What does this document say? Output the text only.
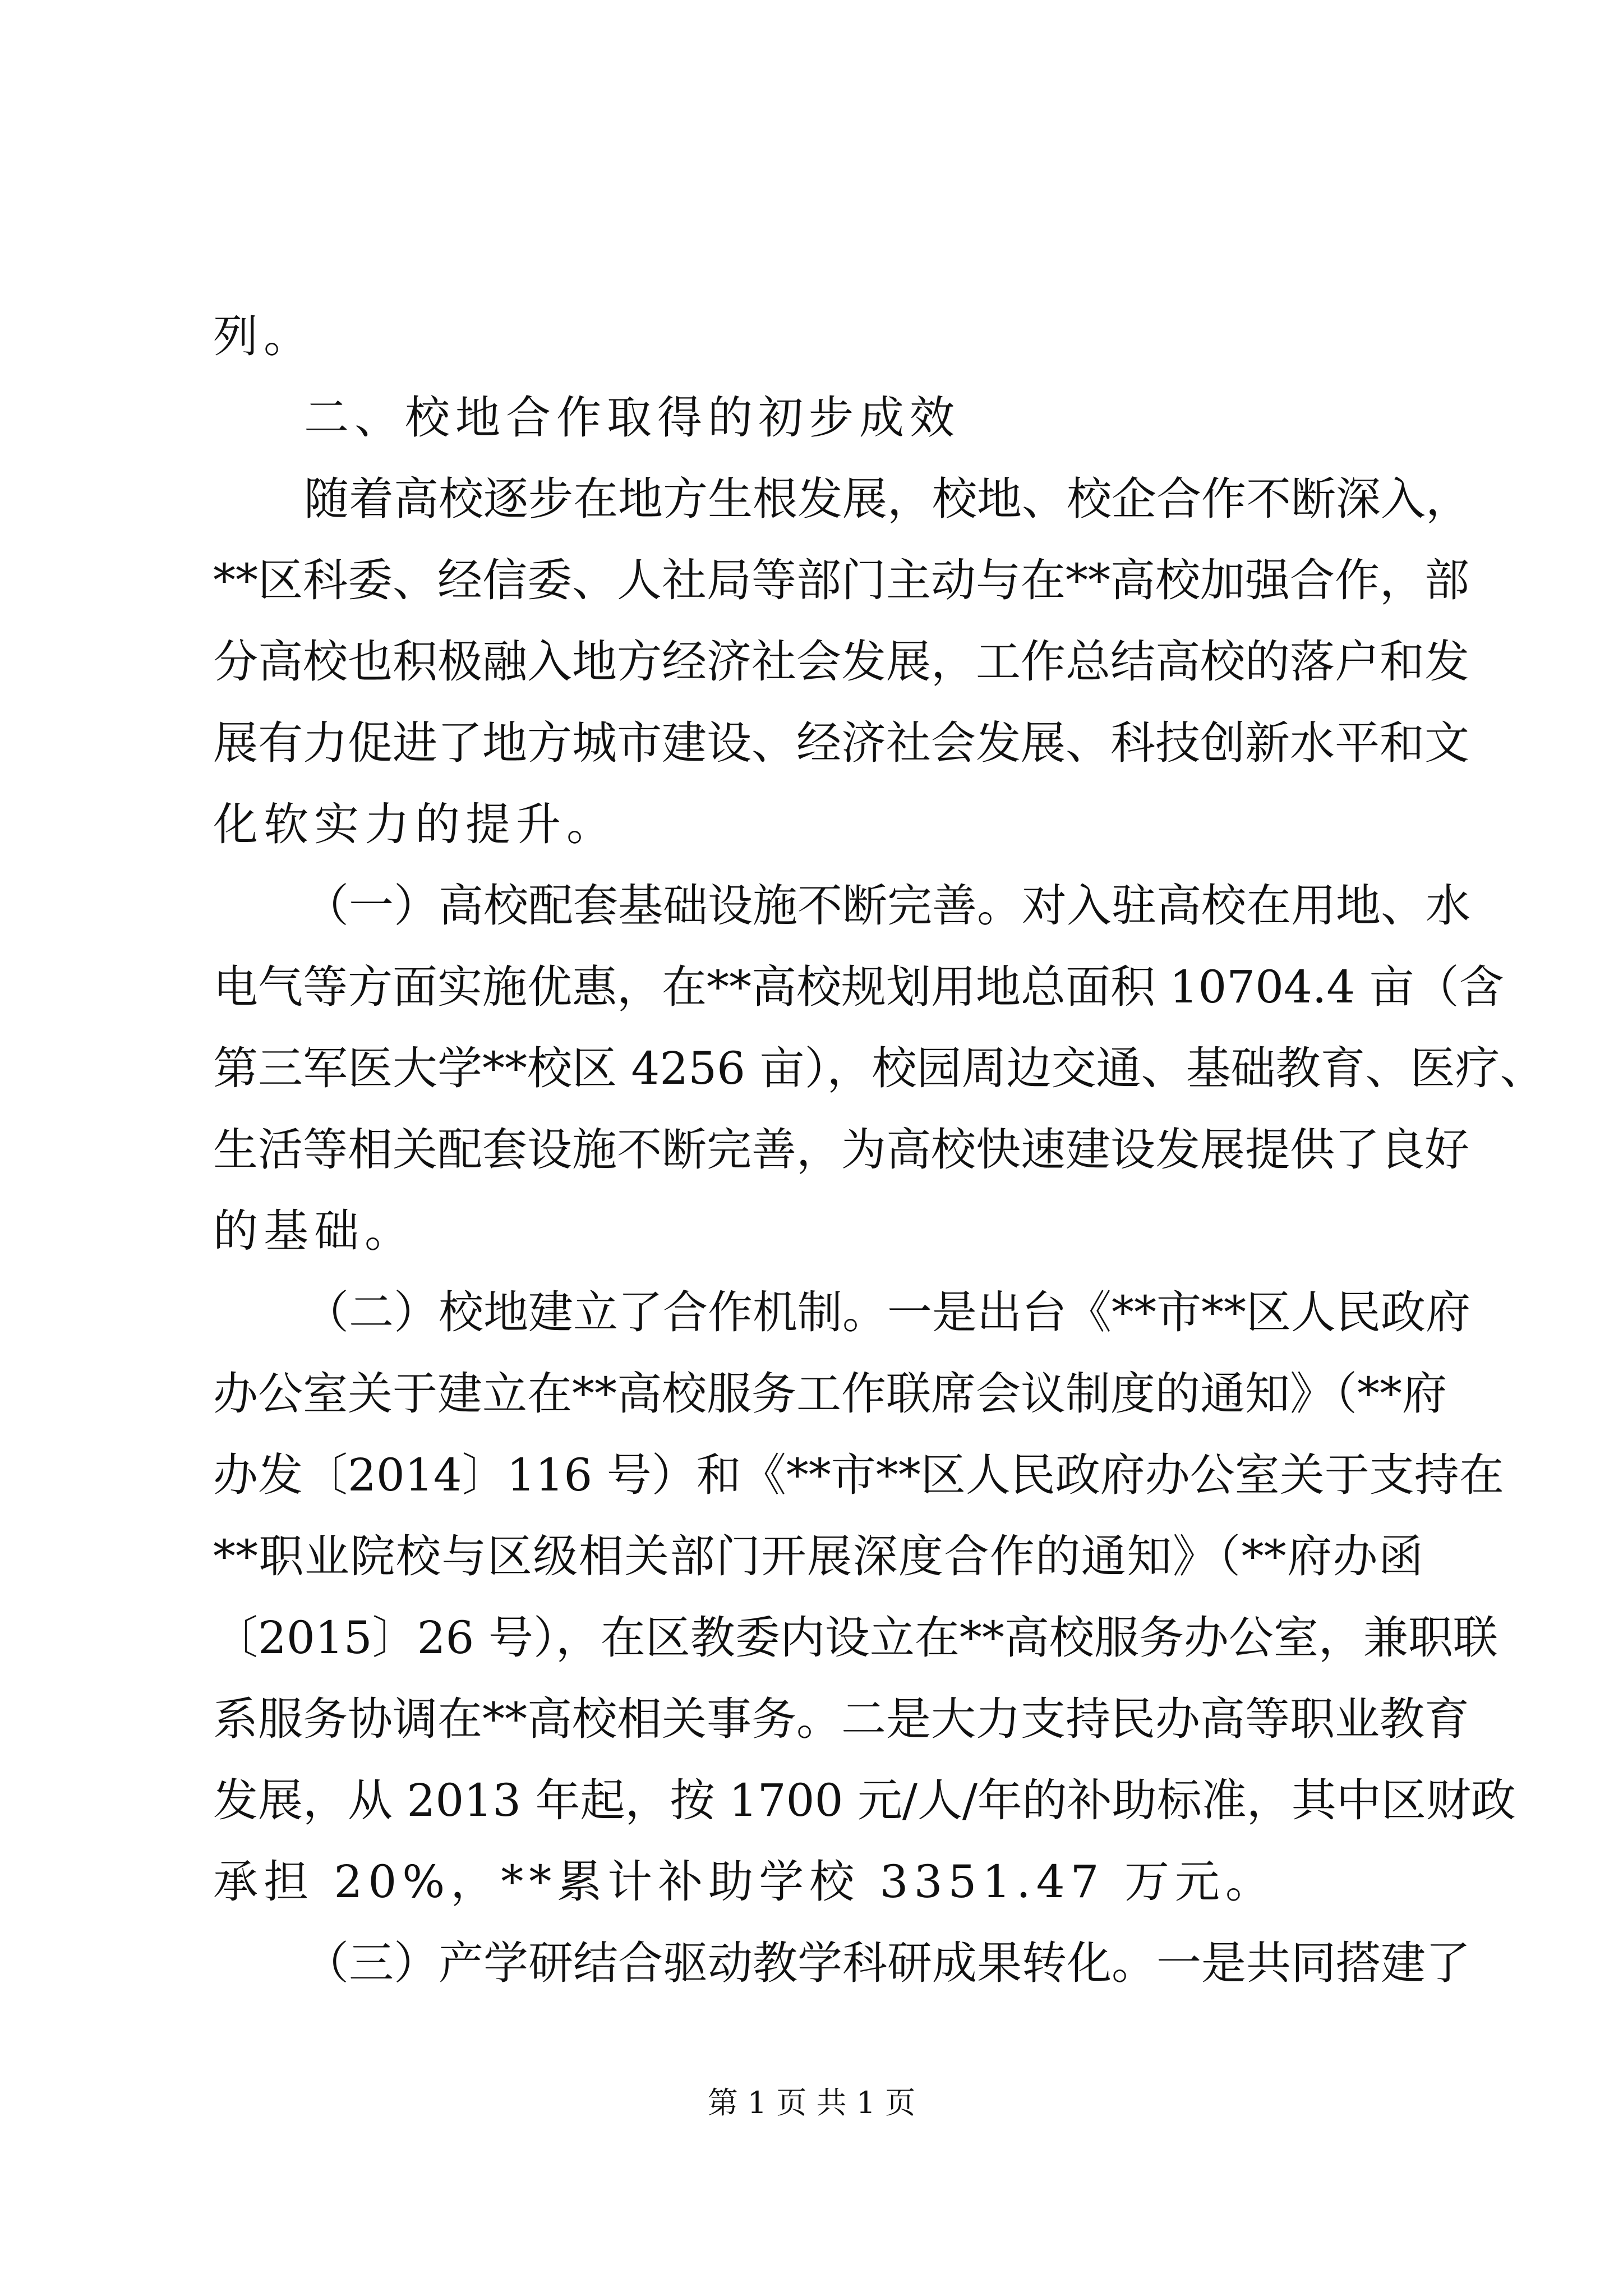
列。

二、校地合作取得的初步成效

随着高校逐步在地方生根发展，校地、校企合作不断深入，

**区科委、经信委、人社局等部门主动与在**高校加强合作，部

分高校也积极融入地方经济社会发展，工作总结高校的落户和发

展有力促进了地方城市建设、经济社会发展、科技创新水平和文

化软实力的提升。

（一）高校配套基础设施不断完善。对入驻高校在用地、水

电气等方面实施优惠，在**高校规划用地总面积 10704.4 亩（含

第三军医大学**校区 4256 亩），校园周边交通、基础教育、医疗、

生活等相关配套设施不断完善，为高校快速建设发展提供了良好

的基础。

（二）校地建立了合作机制。一是出台《**市**区人民政府

办公室关于建立在**高校服务工作联席会议制度的通知》（**府

办发〔2014〕116 号）和《**市**区人民政府办公室关于支持在

**职业院校与区级相关部门开展深度合作的通知》（**府办函

〔2015〕26 号），在区教委内设立在**高校服务办公室，兼职联

系服务协调在**高校相关事务。二是大力支持民办高等职业教育

发展，从 2013 年起，按 1700 元/人/年的补助标准，其中区财政

承担 20%，**累计补助学校 3351.47 万元。

（三）产学研结合驱动教学科研成果转化。一是共同搭建了

第 1 页 共 1 页
